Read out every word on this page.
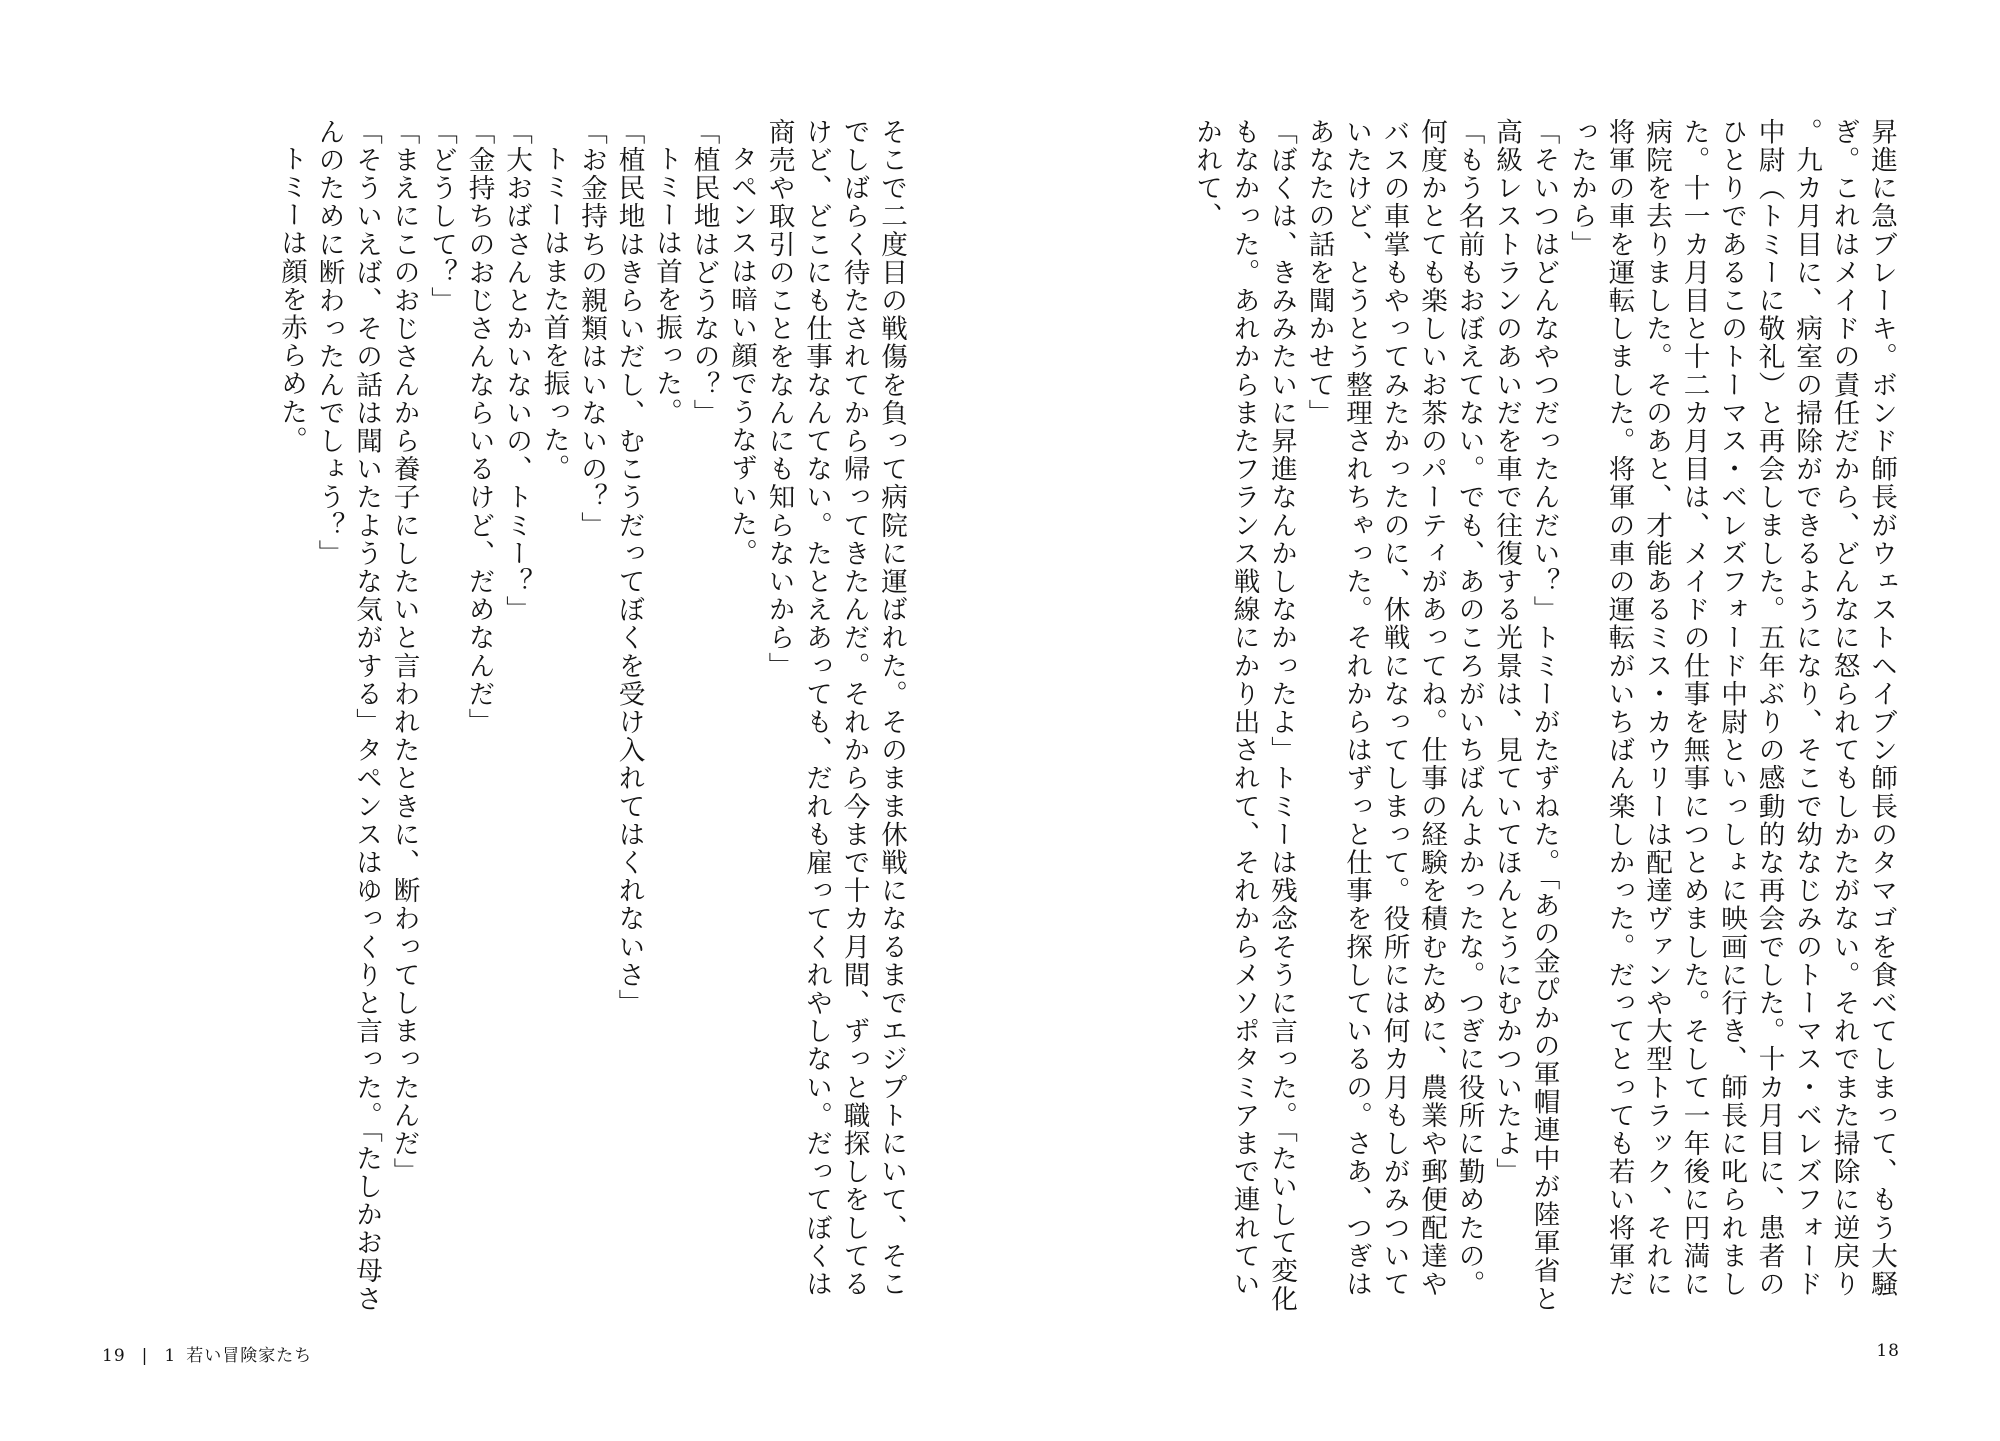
そこで二度目の戦傷を負って病院に運ばれた。そのまま休戦になるまでエジプトにいて、そこでしばらく待たされてから帰ってきたんだ。それから今まで十カ月間、ずっと職探しをしてるけど、どこにも仕事なんてない。たとえあっても、だれも雇ってくれやしない。だってぼくは商売や取引のことをなんにも知らないから」

タペンスは暗い顔でうなずいた。

「植民地はどうなの？」

トミーは首を振った。

「植民地はきらいだし、むこうだってぼくを受け入れてはくれないさ」

「お金持ちの親類はいないの？」

トミーはまた首を振った。

「大おばさんとかいないの、トミー？」

「金持ちのおじさんならいるけど、だめなんだ」

「どうして？」

「まえにこのおじさんから養子にしたいと言われたときに、断わってしまったんだ」

「そういえば、その話は聞いたような気がする」タペンスはゆっくりと言った。「たしかお母さんのために断わったんでしょう？」

トミーは顔を赤らめた。

19 | 1 若い冒険家たち

昇進に急ブレーキ。ボンド師長がウェストヘイブン師長のタマゴを食べてしまって、もう大騒ぎ。これはメイドの責任だから、どんなに怒られてもしかたがない。それでまた掃除に逆戻り。九カ月目に、病室の掃除ができるようになり、そこで幼なじみのトーマス・ベレズフォード中尉（トミーに敬礼）と再会しました。五年ぶりの感動的な再会でした。十カ月目に、患者のひとりであるこのトーマス・ベレズフォード中尉といっしょに映画に行き、師長に叱られました。十一カ月目と十二カ月目は、メイドの仕事を無事につとめました。そして一年後に円満に病院を去りました。そのあと、才能あるミス・カウリーは配達ヴァンや大型トラック、それに将軍の車を運転しました。将軍の車の運転がいちばん楽しかった。だってとっても若い将軍だったから」

「そいつはどんなやつだったんだい？」トミーがたずねた。「あの金ぴかの軍帽連中が陸軍省と高級レストランのあいだを車で往復する光景は、見ていてほんとうにむかついたよ」

「もう名前もおぼえてない。でも、あのころがいちばんよかったな。つぎに役所に勤めたの。何度かとても楽しいお茶のパーティがあってね。仕事の経験を積むために、農業や郵便配達やバスの車掌もやってみたかったのに、休戦になってしまって。役所には何カ月もしがみついていたけど、とうとう整理されちゃった。それからはずっと仕事を探しているの。さあ、つぎはあなたの話を聞かせて」

「ぼくは、きみみたいに昇進なんかしなかったよ」トミーは残念そうに言った。「たいして変化もなかった。あれからまたフランス戦線にかり出されて、それからメソポタミアまで連れていかれて、

18
